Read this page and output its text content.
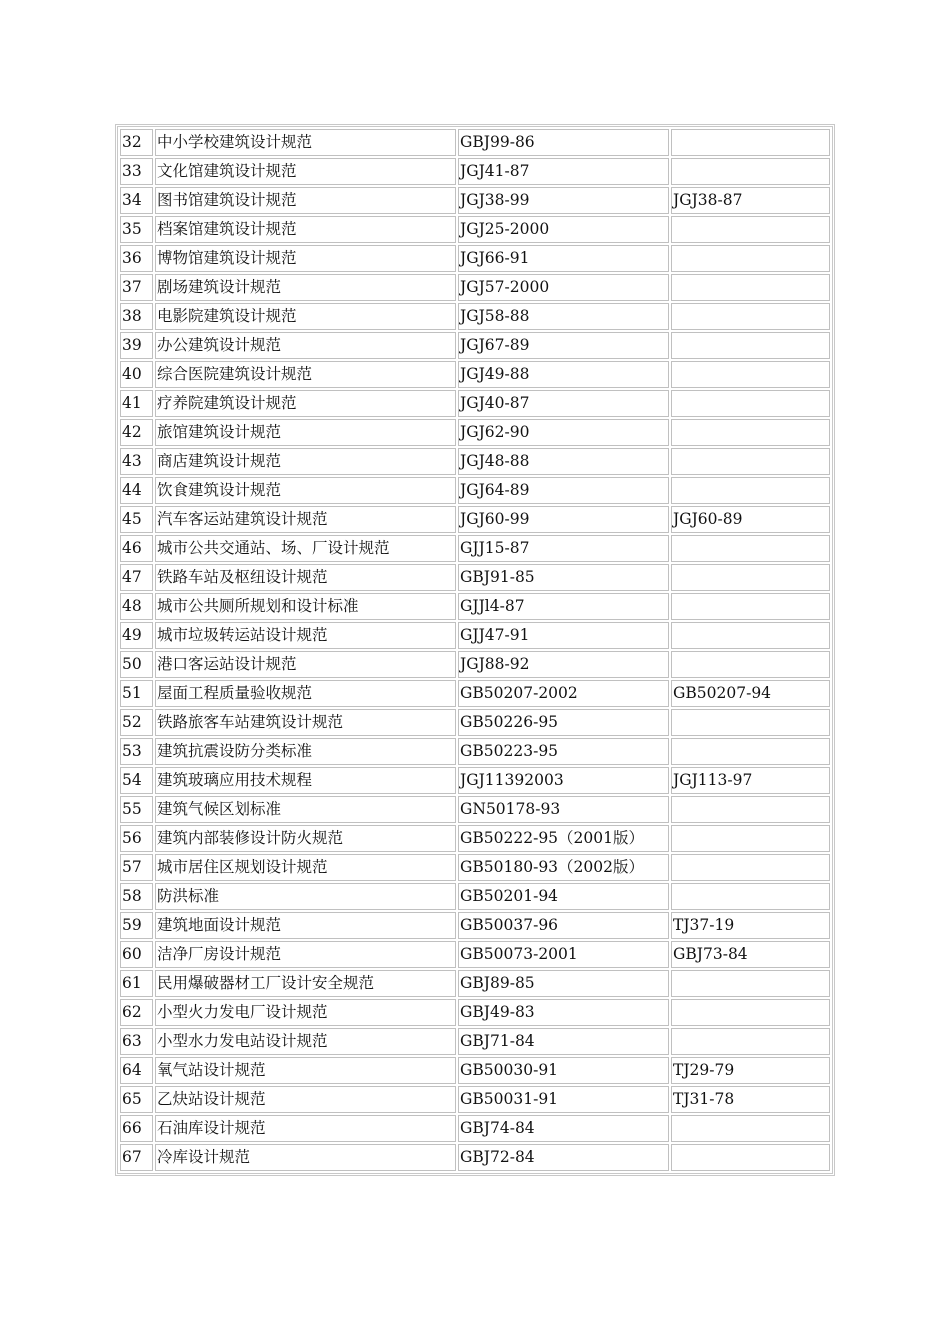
32	中小学校建筑设计规范	GBJ99-86	
33	文化馆建筑设计规范	JGJ41-87	
34	图书馆建筑设计规范	JGJ38-99	JGJ38-87
35	档案馆建筑设计规范	JGJ25-2000	
36	博物馆建筑设计规范	JGJ66-91	
37	剧场建筑设计规范	JGJ57-2000	
38	电影院建筑设计规范	JGJ58-88	
39	办公建筑设计规范	JGJ67-89	
40	综合医院建筑设计规范	JGJ49-88	
41	疗养院建筑设计规范	JGJ40-87	
42	旅馆建筑设计规范	JGJ62-90	
43	商店建筑设计规范	JGJ48-88	
44	饮食建筑设计规范	JGJ64-89	
45	汽车客运站建筑设计规范	JGJ60-99	JGJ60-89
46	城市公共交通站、场、厂设计规范	GJJ15-87	
47	铁路车站及枢纽设计规范	GBJ91-85	
48	城市公共厕所规划和设计标准	GJJl4-87	
49	城市垃圾转运站设计规范	GJJ47-91	
50	港口客运站设计规范	JGJ88-92	
51	屋面工程质量验收规范	GB50207-2002	GB50207-94
52	铁路旅客车站建筑设计规范	GB50226-95	
53	建筑抗震设防分类标准	GB50223-95	
54	建筑玻璃应用技术规程	JGJ11392003	JGJ113-97
55	建筑气候区划标准	GN50178-93	
56	建筑内部装修设计防火规范	GB50222-95（2001版）	
57	城市居住区规划设计规范	GB50180-93（2002版）	
58	防洪标准	GB50201-94	
59	建筑地面设计规范	GB50037-96	TJ37-19
60	洁净厂房设计规范	GB50073-2001	GBJ73-84
61	民用爆破器材工厂设计安全规范	GBJ89-85	
62	小型火力发电厂设计规范	GBJ49-83	
63	小型水力发电站设计规范	GBJ71-84	
64	氧气站设计规范	GB50030-91	TJ29-79
65	乙炔站设计规范	GB50031-91	TJ31-78
66	石油库设计规范	GBJ74-84	
67	冷库设计规范	GBJ72-84	
